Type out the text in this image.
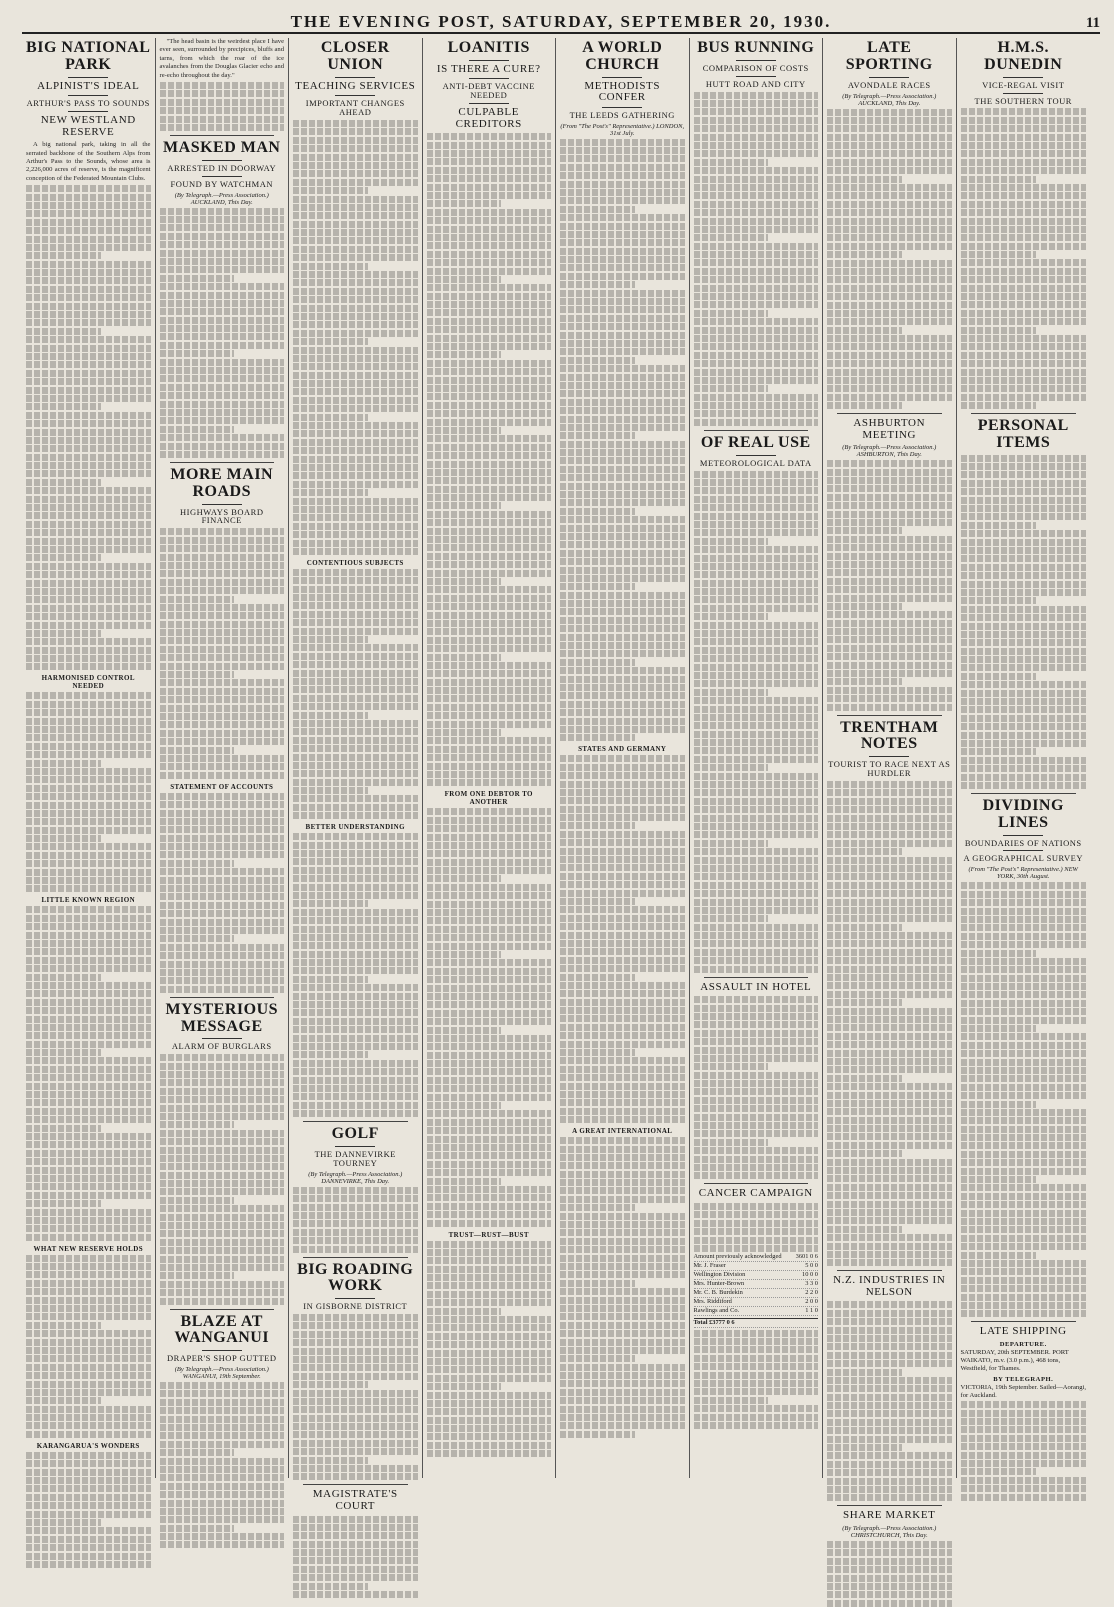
THE EVENING POST, SATURDAY, SEPTEMBER 20, 1930.	11
BIG NATIONAL PARK
ALPINIST'S IDEAL
ARTHUR'S PASS TO SOUNDS
NEW WESTLAND RESERVE

A big national park, taking in all the serrated backbone of the Southern Alps from Arthur's Pass to the Sounds, whose area is 2,226,000 acres of reserve, is the magnificent conception of the Federated Mountain Clubs.

HARMONISED CONTROL NEEDED
LITTLE KNOWN REGION
WHAT NEW RESERVE HOLDS
KARANGARUA'S WONDERS

"The head basin is the weirdest place I have ever seen, surrounded by precipices, bluffs and tarns, from which the roar of the ice avalanches from the Douglas Glacier echo and re-echo throughout the day."

MASKED MAN
ARRESTED IN DOORWAY
FOUND BY WATCHMAN
(By Telegraph.—Press Association.) AUCKLAND, This Day.
MORE MAIN ROADS
HIGHWAYS BOARD FINANCE
STATEMENT OF ACCOUNTS
MYSTERIOUS MESSAGE
ALARM OF BURGLARS
BLAZE AT WANGANUI
DRAPER'S SHOP GUTTED
(By Telegraph.—Press Association.) WANGANUI, 19th September.
CLOSER UNION
TEACHING SERVICES
IMPORTANT CHANGES AHEAD
CONTENTIOUS SUBJECTS
BETTER UNDERSTANDING
GOLF
THE DANNEVIRKE TOURNEY
(By Telegraph.—Press Association.) DANNEVIRKE, This Day.
BIG ROADING WORK
IN GISBORNE DISTRICT
MAGISTRATE'S COURT
LOANITIS
IS THERE A CURE?
ANTI-DEBT VACCINE NEEDED
CULPABLE CREDITORS
FROM ONE DEBTOR TO ANOTHER
TRUST—RUST—BUST
A WORLD CHURCH
METHODISTS CONFER
THE LEEDS GATHERING
(From "The Post's" Representative.) LONDON, 31st July.
STATES AND GERMANY
A GREAT INTERNATIONAL
BUS RUNNING
COMPARISON OF COSTS
HUTT ROAD AND CITY
OF REAL USE
METEOROLOGICAL DATA
ASSAULT IN HOTEL
CANCER CAMPAIGN
Amount previously acknowledged 3601 0 6
Mr. J. Fraser	5 0 0
Wellington Division	10 0 0
Mrs. Hunter-Brown	3 3 0
Mr. C. B. Burdekin	2 2 0
Mrs. Riddiford	2 0 0
Rawlings and Co.	1 1 0
Total £3777 0 6
LATE SPORTING
AVONDALE RACES
(By Telegraph.—Press Association.) AUCKLAND, This Day.
ASHBURTON MEETING
(By Telegraph.—Press Association.) ASHBURTON, This Day.
TRENTHAM NOTES
TOURIST TO RACE NEXT AS HURDLER
N.Z. INDUSTRIES IN NELSON
SHARE MARKET
(By Telegraph.—Press Association.) CHRISTCHURCH, This Day.
H.M.S. DUNEDIN
VICE-REGAL VISIT
THE SOUTHERN TOUR
PERSONAL ITEMS
DIVIDING LINES
BOUNDARIES OF NATIONS
A GEOGRAPHICAL SURVEY
(From "The Post's" Representative.) NEW YORK, 30th August.
LATE SHIPPING
DEPARTURE.
SATURDAY, 20th SEPTEMBER. PORT WAIKATO, m.v. (3.0 p.m.), 468 tons, Westfield, for Thames.
BY TELEGRAPH.
VICTORIA, 19th September. Sailed—Aorangi, for Auckland.
